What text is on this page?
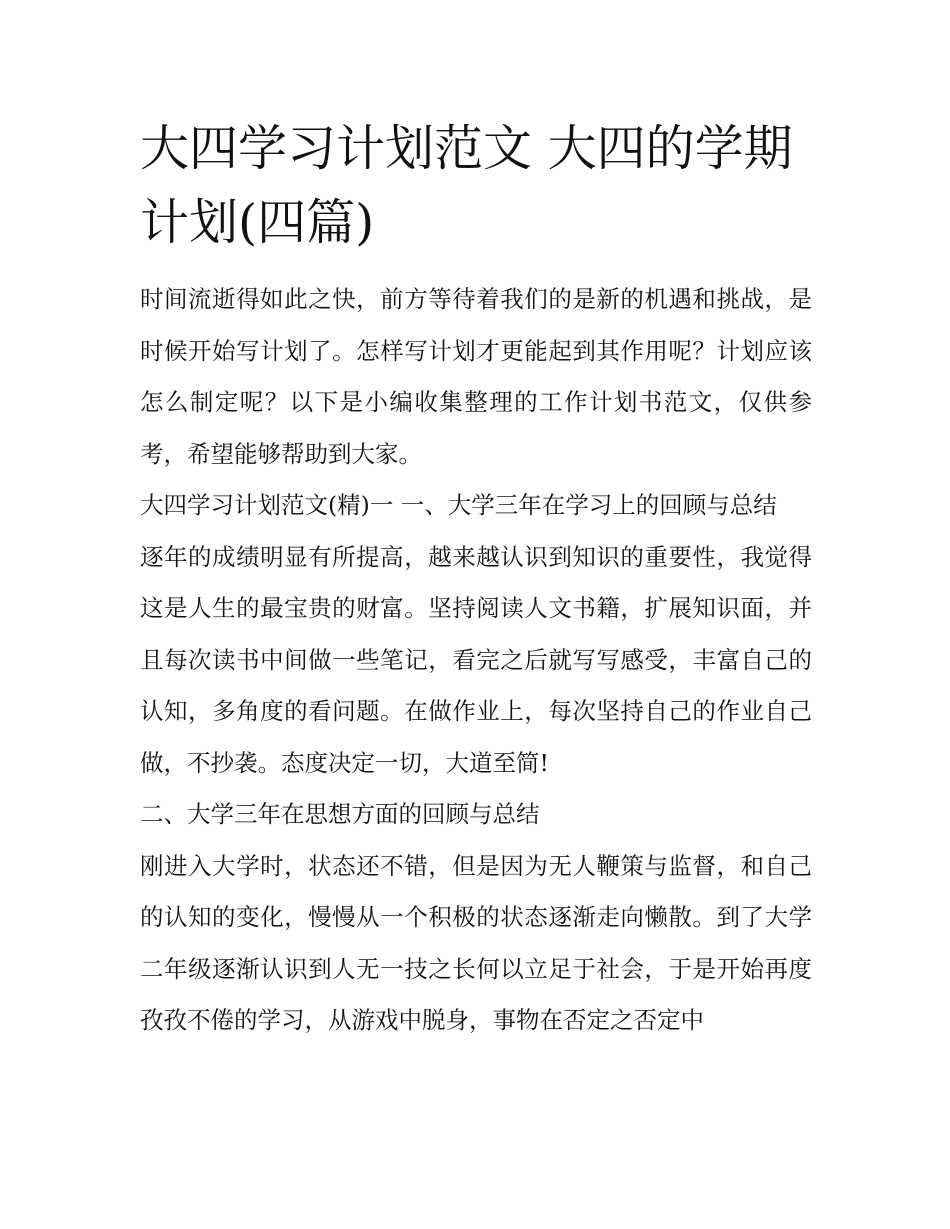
大四学习计划范文 大四的学期计划(四篇)

时间流逝得如此之快，前方等待着我们的是新的机遇和挑战，是时候开始写计划了。怎样写计划才更能起到其作用呢？计划应该怎么制定呢？以下是小编收集整理的工作计划书范文，仅供参考，希望能够帮助到大家。

大四学习计划范文(精)一 一、大学三年在学习上的回顾与总结

逐年的成绩明显有所提高，越来越认识到知识的重要性，我觉得这是人生的最宝贵的财富。坚持阅读人文书籍，扩展知识面，并且每次读书中间做一些笔记，看完之后就写写感受，丰富自己的认知，多角度的看问题。在做作业上，每次坚持自己的作业自己做，不抄袭。态度决定一切，大道至简!

二、大学三年在思想方面的回顾与总结

刚进入大学时，状态还不错，但是因为无人鞭策与监督，和自己的认知的变化，慢慢从一个积极的状态逐渐走向懒散。到了大学二年级逐渐认识到人无一技之长何以立足于社会，于是开始再度孜孜不倦的学习，从游戏中脱身，事物在否定之否定中
